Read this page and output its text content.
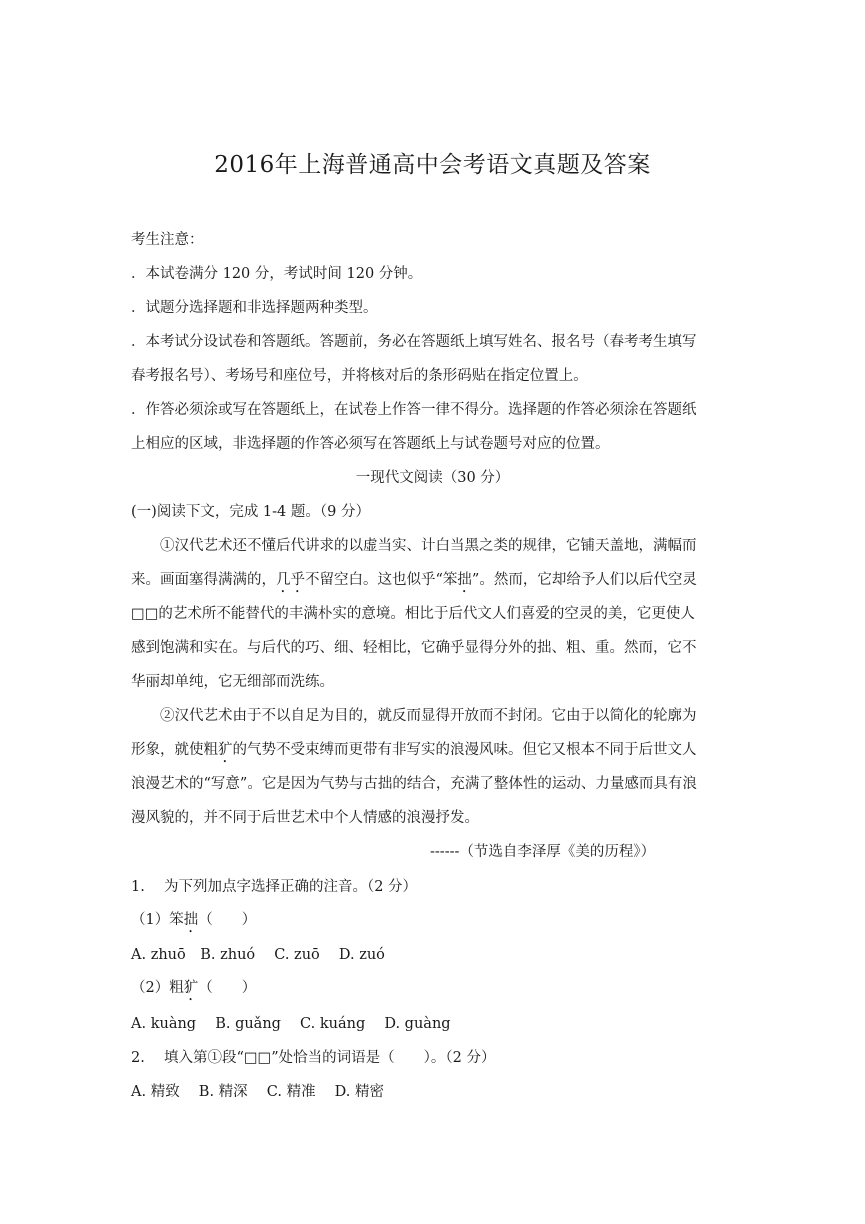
2016年上海普通高中会考语文真题及答案
考生注意：
．本试卷满分 120 分，考试时间 120 分钟。
．试题分选择题和非选择题两种类型。
．本考试分设试卷和答题纸。答题前，务必在答题纸上填写姓名、报名号（春考考生填写
春考报名号）、考场号和座位号，并将核对后的条形码贴在指定位置上。
．作答必须涂或写在答题纸上，在试卷上作答一律不得分。选择题的作答必须涂在答题纸
上相应的区域，非选择题的作答必须写在答题纸上与试卷题号对应的位置。
一现代文阅读（30 分）
(一)阅读下文，完成 1-4 题。（9 分）
①汉代艺术还不懂后代讲求的以虚当实、计白当黑之类的规律，它铺天盖地，满幅而
来。画面塞得满满的，几乎不留空白。这也似乎“笨拙”。然而，它却给予人们以后代空灵
□□的艺术所不能替代的丰满朴实的意境。相比于后代文人们喜爱的空灵的美，它更使人
感到饱满和实在。与后代的巧、细、轻相比，它确乎显得分外的拙、粗、重。然而，它不
华丽却单纯，它无细部而洗练。
②汉代艺术由于不以自足为目的，就反而显得开放而不封闭。它由于以简化的轮廓为
形象，就使粗犷的气势不受束缚而更带有非写实的浪漫风味。但它又根本不同于后世文人
浪漫艺术的“写意”。它是因为气势与古拙的结合，充满了整体性的运动、力量感而具有浪
漫风貌的，并不同于后世艺术中个人情感的浪漫抒发。
------（节选自李泽厚《美的历程》）
1.　 为下列加点字选择正确的注音。（2 分）
（1）笨拙（　　）
A. zhuō　B. zhuó　 C. zuō　 D. zuó
（2）粗犷（　　）
A. kuàng　 B. guǎng　 C. kuáng　 D. guàng
2.　 填入第①段“□□”处恰当的词语是（　　）。（2 分）
A. 精致　 B. 精深　 C. 精准　 D. 精密
